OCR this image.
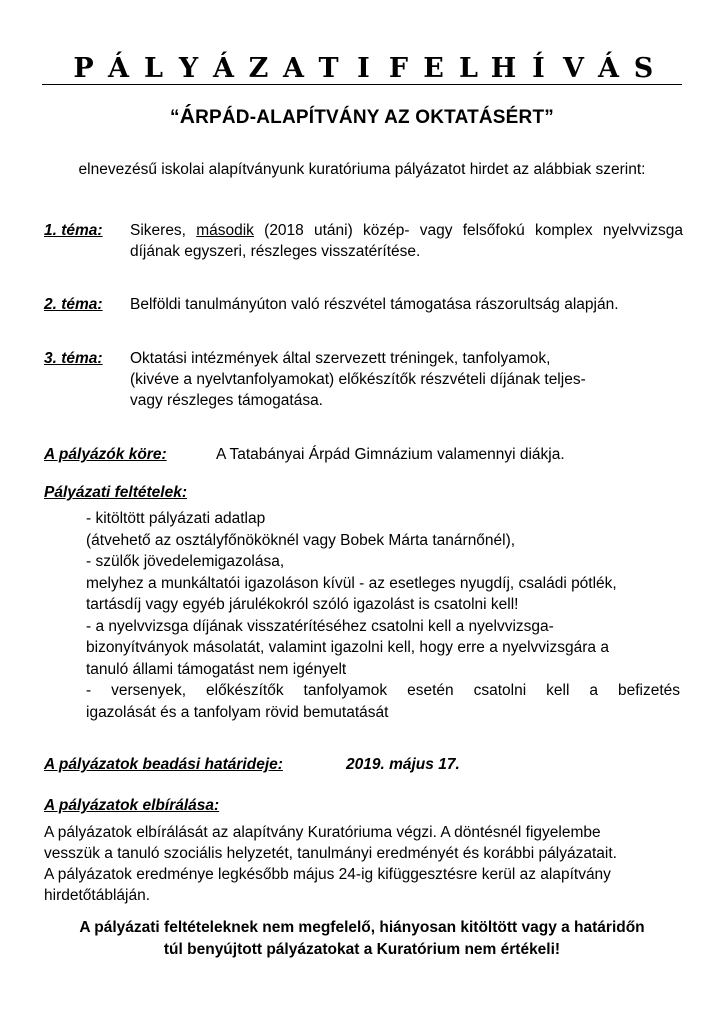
P Á L Y Á Z A T I F E L H Í V Á S
“ÁRPÁD-ALAPÍTVÁNY AZ OKTATÁSÉRT”
elnevezésű iskolai alapítványunk kuratóriuma pályázatot hirdet az alábbiak szerint:
1. téma: Sikeres, második (2018 utáni) közép- vagy felsőfokú komplex nyelvvizsga díjának egyszeri, részleges visszatérítése.
2. téma: Belföldi tanulmányúton való részvétel támogatása rászorultság alapján.
3. téma: Oktatási intézmények által szervezett tréningek, tanfolyamok,
(kivéve a nyelvtanfolyamokat) előkészítők részvételi díjának teljes-
vagy részleges támogatása.
A pályázók köre:	A Tatabányai Árpád Gimnázium valamennyi diákja.
Pályázati feltételek:
- kitöltött pályázati adatlap
(átvehető az osztályfőnököknél vagy Bobek Márta tanárnőnél),
- szülők jövedelemigazolása,
melyhez a munkáltatói igazoláson kívül - az esetleges nyugdíj, családi pótlék,
tartásdíj vagy egyéb járulékokról szóló igazolást is csatolni kell!
- a nyelvvizsga díjának visszatérítéséhez csatolni kell a nyelvvizsga-
bizonyítványok másolatát, valamint igazolni kell, hogy erre a nyelvvizsgára a
tanuló állami támogatást nem igényelt
- versenyek, előkészítők tanfolyamok esetén csatolni kell a befizetés
igazolását és a tanfolyam rövid bemutatását
A pályázatok beadási határideje:	2019. május 17.
A pályázatok elbírálása:
A pályázatok elbírálását az alapítvány Kuratóriuma végzi. A döntésnél figyelembe
vesszük a tanuló szociális helyzetét, tanulmányi eredményét és korábbi pályázatait.
A pályázatok eredménye legkésőbb május 24-ig kifüggesztésre kerül az alapítvány
hirdetőtábláján.
A pályázati feltételeknek nem megfelelő, hiányosan kitöltött vagy a határidőn
túl benyújtott pályázatokat a Kuratórium nem értékeli!
